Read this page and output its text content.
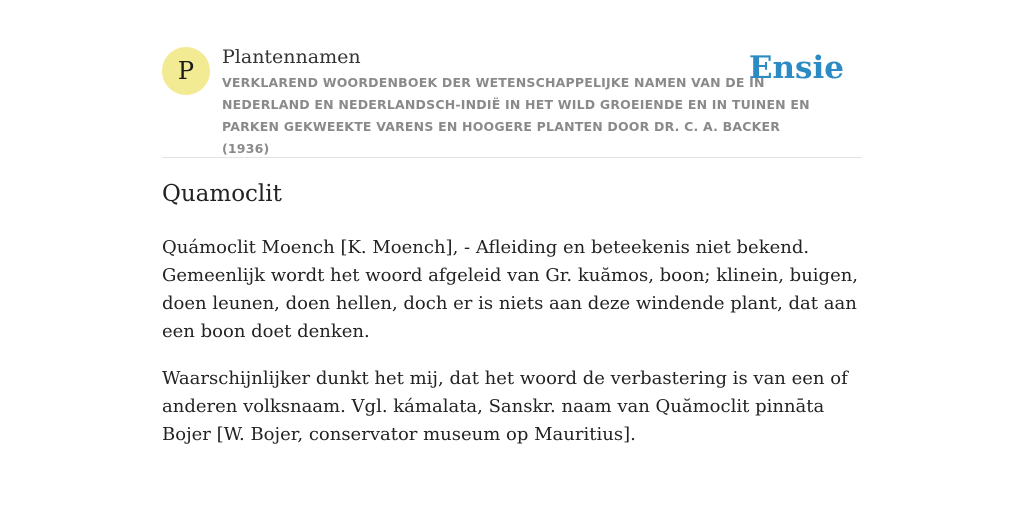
P	Plantennamen
VERKLAREND WOORDENBOEK DER WETENSCHAPPELIJKE NAMEN VAN DE IN NEDERLAND EN NEDERLANDSCH-INDIË IN HET WILD GROEIENDE EN IN TUINEN EN PARKEN GEKWEEKTE VARENS EN HOOGERE PLANTEN DOOR DR. C. A. BACKER (1936)
Ensie
Quamoclit

Quámoclit Moench [K. Moench], - Afleiding en beteekenis niet bekend. Gemeenlijk wordt het woord afgeleid van Gr. kuămos, boon; klinein, buigen, doen leunen, doen hellen, doch er is niets aan deze windende plant, dat aan een boon doet denken.

Waarschijnlijker dunkt het mij, dat het woord de verbastering is van een of anderen volksnaam. Vgl. kámalata, Sanskr. naam van Quămoclit pinnāta Bojer [W. Bojer, conservator museum op Mauritius].
